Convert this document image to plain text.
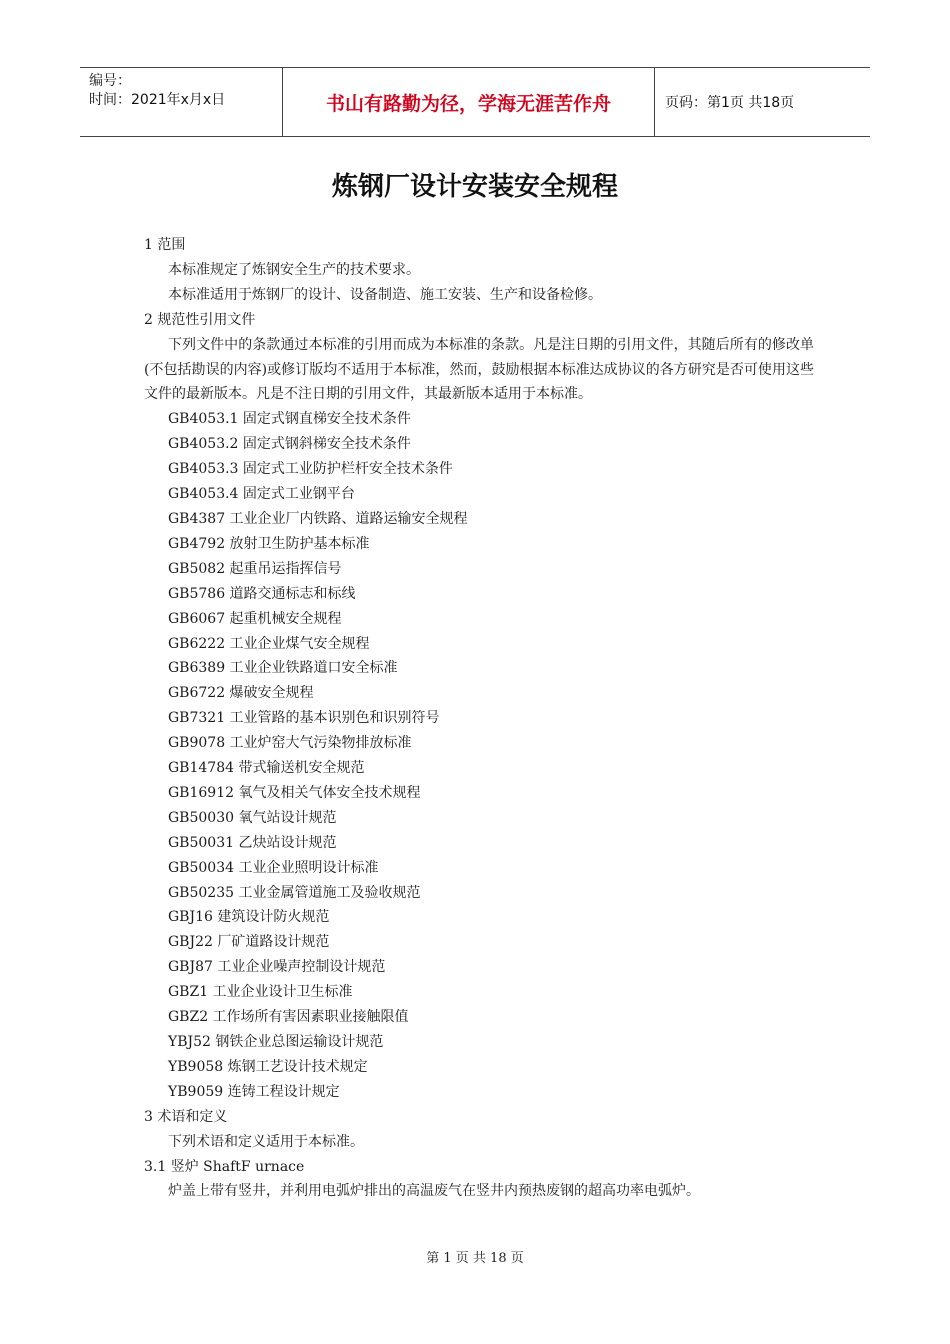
编号：
时间：2021年x月x日	书山有路勤为径，学海无涯苦作舟	页码：第1页 共18页
炼钢厂设计安装安全规程
1 范围
本标准规定了炼钢安全生产的技术要求。
本标准适用于炼钢厂的设计、设备制造、施工安装、生产和设备检修。
2 规范性引用文件
下列文件中的条款通过本标准的引用而成为本标准的条款。凡是注日期的引用文件，其随后所有的修改单(不包括勘误的内容)或修订版均不适用于本标准，然而，鼓励根据本标准达成协议的各方研究是否可使用这些文件的最新版本。凡是不注日期的引用文件，其最新版本适用于本标准。
GB4053.1 固定式钢直梯安全技术条件
GB4053.2 固定式钢斜梯安全技术条件
GB4053.3 固定式工业防护栏杆安全技术条件
GB4053.4 固定式工业钢平台
GB4387 工业企业厂内铁路、道路运输安全规程
GB4792 放射卫生防护基本标准
GB5082 起重吊运指挥信号
GB5786 道路交通标志和标线
GB6067 起重机械安全规程
GB6222 工业企业煤气安全规程
GB6389 工业企业铁路道口安全标准
GB6722 爆破安全规程
GB7321 工业管路的基本识别色和识别符号
GB9078 工业炉窑大气污染物排放标准
GB14784 带式输送机安全规范
GB16912 氧气及相关气体安全技术规程
GB50030 氧气站设计规范
GB50031 乙炔站设计规范
GB50034 工业企业照明设计标准
GB50235 工业金属管道施工及验收规范
GBJ16 建筑设计防火规范
GBJ22 厂矿道路设计规范
GBJ87 工业企业噪声控制设计规范
GBZ1 工业企业设计卫生标准
GBZ2 工作场所有害因素职业接触限值
YBJ52 钢铁企业总图运输设计规范
YB9058 炼钢工艺设计技术规定
YB9059 连铸工程设计规定
3 术语和定义
下列术语和定义适用于本标准。
3.1 竖炉 ShaftF urnace
炉盖上带有竖井，并利用电弧炉排出的高温废气在竖井内预热废钢的超高功率电弧炉。
第 1 页 共 18 页
